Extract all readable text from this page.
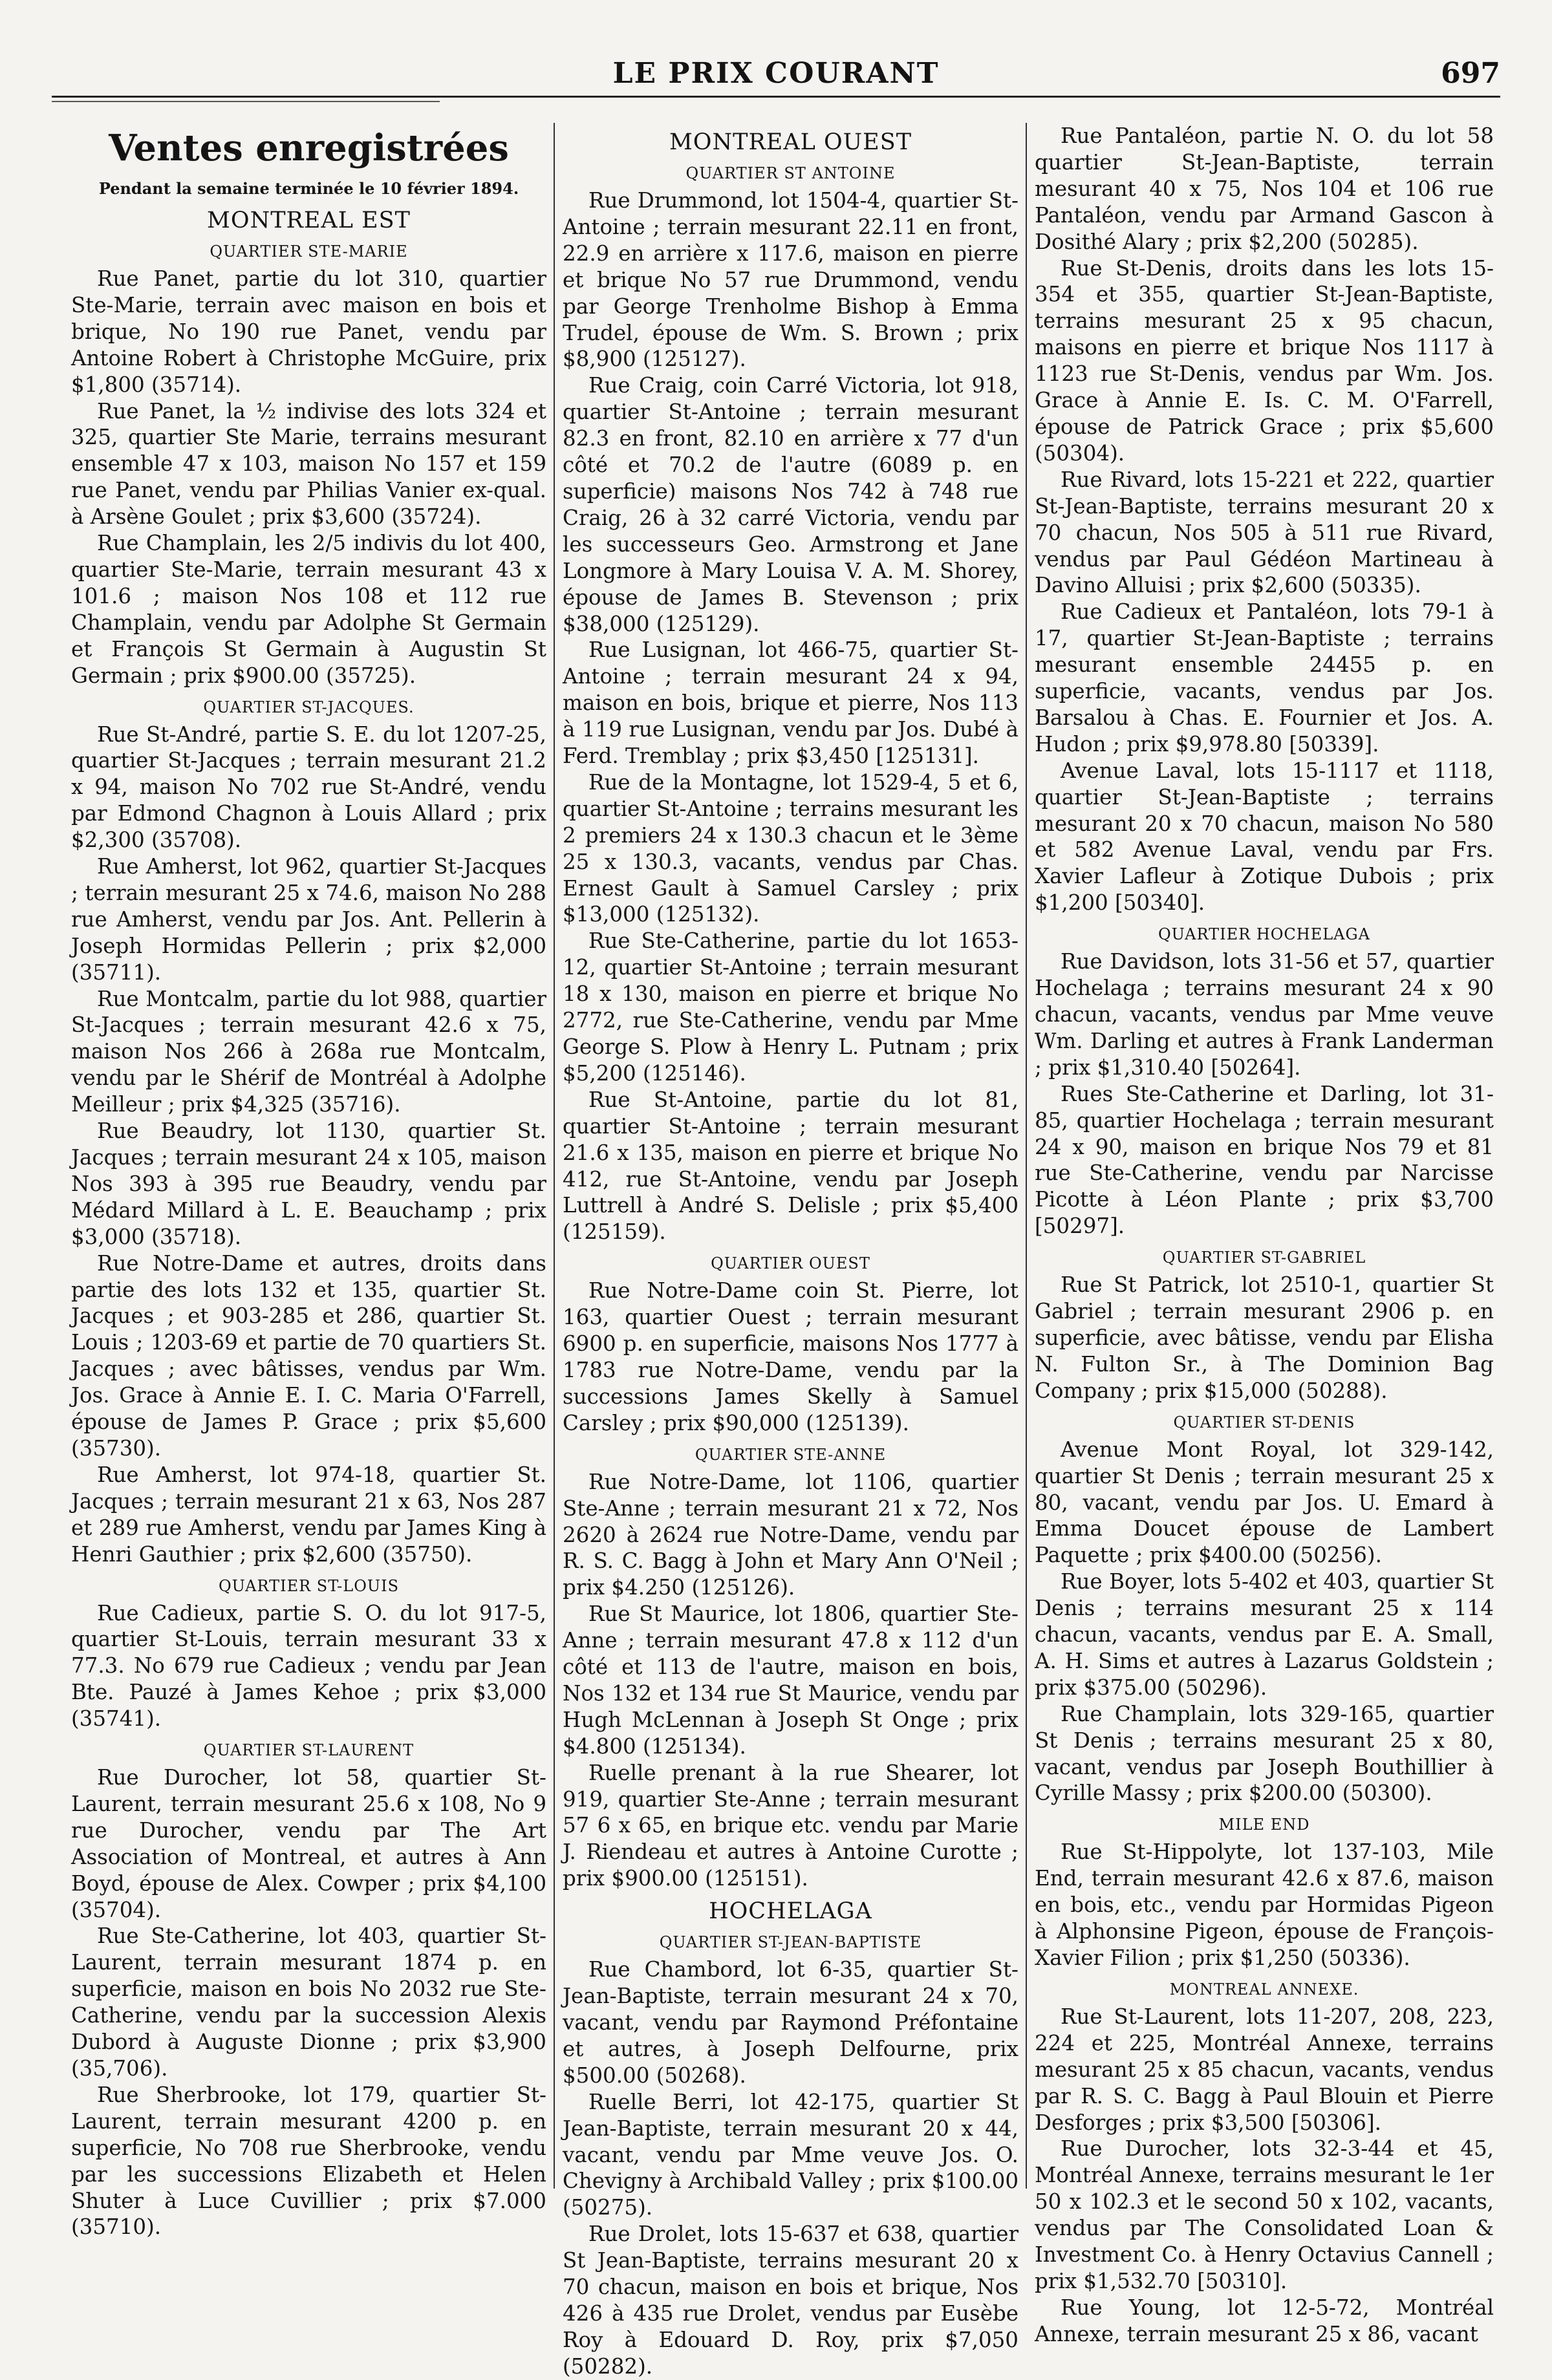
LE PRIX COURANT	697
Ventes enregistrées
Pendant la semaine terminée le 10 février 1894.
MONTREAL EST
QUARTIER STE-MARIE

Rue Panet, partie du lot 310, quartier Ste-Marie, terrain avec maison en bois et brique, No 190 rue Panet, vendu par Antoine Robert à Christophe McGuire, prix $1,800 (35714).

Rue Panet, la ½ indivise des lots 324 et 325, quartier Ste Marie, terrains mesurant ensemble 47 x 103, maison No 157 et 159 rue Panet, vendu par Philias Vanier ex-qual. à Arsène Goulet ; prix $3,600 (35724).

Rue Champlain, les 2/5 indivis du lot 400, quartier Ste-Marie, terrain mesurant 43 x 101.6 ; maison Nos 108 et 112 rue Champlain, vendu par Adolphe St Germain et François St Germain à Augustin St Germain ; prix $900.00 (35725).

QUARTIER ST-JACQUES.

Rue St-André, partie S. E. du lot 1207-25, quartier St-Jacques ; terrain mesurant 21.2 x 94, maison No 702 rue St-André, vendu par Edmond Chagnon à Louis Allard ; prix $2,300 (35708).

Rue Amherst, lot 962, quartier St-Jacques ; terrain mesurant 25 x 74.6, maison No 288 rue Amherst, vendu par Jos. Ant. Pellerin à Joseph Hormidas Pellerin ; prix $2,000 (35711).

Rue Montcalm, partie du lot 988, quartier St-Jacques ; terrain mesurant 42.6 x 75, maison Nos 266 à 268a rue Montcalm, vendu par le Shérif de Montréal à Adolphe Meilleur ; prix $4,325 (35716).

Rue Beaudry, lot 1130, quartier St. Jacques ; terrain mesurant 24 x 105, maison Nos 393 à 395 rue Beaudry, vendu par Médard Millard à L. E. Beauchamp ; prix $3,000 (35718).

Rue Notre-Dame et autres, droits dans partie des lots 132 et 135, quartier St. Jacques ; et 903-285 et 286, quartier St. Louis ; 1203-69 et partie de 70 quartiers St. Jacques ; avec bâtisses, vendus par Wm. Jos. Grace à Annie E. I. C. Maria O'Farrell, épouse de James P. Grace ; prix $5,600 (35730).

Rue Amherst, lot 974-18, quartier St. Jacques ; terrain mesurant 21 x 63, Nos 287 et 289 rue Amherst, vendu par James King à Henri Gauthier ; prix $2,600 (35750).

QUARTIER ST-LOUIS

Rue Cadieux, partie S. O. du lot 917-5, quartier St-Louis, terrain mesurant 33 x 77.3. No 679 rue Cadieux ; vendu par Jean Bte. Pauzé à James Kehoe ; prix $3,000 (35741).

QUARTIER ST-LAURENT

Rue Durocher, lot 58, quartier St-Laurent, terrain mesurant 25.6 x 108, No 9 rue Durocher, vendu par The Art Association of Montreal, et autres à Ann Boyd, épouse de Alex. Cowper ; prix $4,100 (35704).

Rue Ste-Catherine, lot 403, quartier St-Laurent, terrain mesurant 1874 p. en superficie, maison en bois No 2032 rue Ste-Catherine, vendu par la succession Alexis Dubord à Auguste Dionne ; prix $3,900 (35,706).

Rue Sherbrooke, lot 179, quartier St-Laurent, terrain mesurant 4200 p. en superficie, No 708 rue Sherbrooke, vendu par les successions Elizabeth et Helen Shuter à Luce Cuvillier ; prix $7.000 (35710).

MONTREAL OUEST
QUARTIER ST ANTOINE

Rue Drummond, lot 1504-4, quartier St-Antoine ; terrain mesurant 22.11 en front, 22.9 en arrière x 117.6, maison en pierre et brique No 57 rue Drummond, vendu par George Trenholme Bishop à Emma Trudel, épouse de Wm. S. Brown ; prix $8,900 (125127).

Rue Craig, coin Carré Victoria, lot 918, quartier St-Antoine ; terrain mesurant 82.3 en front, 82.10 en arrière x 77 d'un côté et 70.2 de l'autre (6089 p. en superficie) maisons Nos 742 à 748 rue Craig, 26 à 32 carré Victoria, vendu par les successeurs Geo. Armstrong et Jane Longmore à Mary Louisa V. A. M. Shorey, épouse de James B. Stevenson ; prix $38,000 (125129).

Rue Lusignan, lot 466-75, quartier St-Antoine ; terrain mesurant 24 x 94, maison en bois, brique et pierre, Nos 113 à 119 rue Lusignan, vendu par Jos. Dubé à Ferd. Tremblay ; prix $3,450 [125131].

Rue de la Montagne, lot 1529-4, 5 et 6, quartier St-Antoine ; terrains mesurant les 2 premiers 24 x 130.3 chacun et le 3ème 25 x 130.3, vacants, vendus par Chas. Ernest Gault à Samuel Carsley ; prix $13,000 (125132).

Rue Ste-Catherine, partie du lot 1653-12, quartier St-Antoine ; terrain mesurant 18 x 130, maison en pierre et brique No 2772, rue Ste-Catherine, vendu par Mme George S. Plow à Henry L. Putnam ; prix $5,200 (125146).

Rue St-Antoine, partie du lot 81, quartier St-Antoine ; terrain mesurant 21.6 x 135, maison en pierre et brique No 412, rue St-Antoine, vendu par Joseph Luttrell à André S. Delisle ; prix $5,400 (125159).

QUARTIER OUEST

Rue Notre-Dame coin St. Pierre, lot 163, quartier Ouest ; terrain mesurant 6900 p. en superficie, maisons Nos 1777 à 1783 rue Notre-Dame, vendu par la successions James Skelly à Samuel Carsley ; prix $90,000 (125139).

QUARTIER STE-ANNE

Rue Notre-Dame, lot 1106, quartier Ste-Anne ; terrain mesurant 21 x 72, Nos 2620 à 2624 rue Notre-Dame, vendu par R. S. C. Bagg à John et Mary Ann O'Neil ; prix $4.250 (125126).

Rue St Maurice, lot 1806, quartier Ste-Anne ; terrain mesurant 47.8 x 112 d'un côté et 113 de l'autre, maison en bois, Nos 132 et 134 rue St Maurice, vendu par Hugh McLennan à Joseph St Onge ; prix $4.800 (125134).

Ruelle prenant à la rue Shearer, lot 919, quartier Ste-Anne ; terrain mesurant 57 6 x 65, en brique etc. vendu par Marie J. Riendeau et autres à Antoine Curotte ; prix $900.00 (125151).

HOCHELAGA
QUARTIER ST-JEAN-BAPTISTE

Rue Chambord, lot 6-35, quartier St-Jean-Baptiste, terrain mesurant 24 x 70, vacant, vendu par Raymond Préfontaine et autres, à Joseph Delfourne, prix $500.00 (50268).

Ruelle Berri, lot 42-175, quartier St Jean-Baptiste, terrain mesurant 20 x 44, vacant, vendu par Mme veuve Jos. O. Chevigny à Archibald Valley ; prix $100.00 (50275).

Rue Drolet, lots 15-637 et 638, quartier St Jean-Baptiste, terrains mesurant 20 x 70 chacun, maison en bois et brique, Nos 426 à 435 rue Drolet, vendus par Eusèbe Roy à Edouard D. Roy, prix $7,050 (50282).

Rue Pantaléon, partie N. O. du lot 58 quartier St-Jean-Baptiste, terrain mesurant 40 x 75, Nos 104 et 106 rue Pantaléon, vendu par Armand Gascon à Dosithé Alary ; prix $2,200 (50285).

Rue St-Denis, droits dans les lots 15-354 et 355, quartier St-Jean-Baptiste, terrains mesurant 25 x 95 chacun, maisons en pierre et brique Nos 1117 à 1123 rue St-Denis, vendus par Wm. Jos. Grace à Annie E. Is. C. M. O'Farrell, épouse de Patrick Grace ; prix $5,600 (50304).

Rue Rivard, lots 15-221 et 222, quartier St-Jean-Baptiste, terrains mesurant 20 x 70 chacun, Nos 505 à 511 rue Rivard, vendus par Paul Gédéon Martineau à Davino Alluisi ; prix $2,600 (50335).

Rue Cadieux et Pantaléon, lots 79-1 à 17, quartier St-Jean-Baptiste ; terrains mesurant ensemble 24455 p. en superficie, vacants, vendus par Jos. Barsalou à Chas. E. Fournier et Jos. A. Hudon ; prix $9,978.80 [50339].

Avenue Laval, lots 15-1117 et 1118, quartier St-Jean-Baptiste ; terrains mesurant 20 x 70 chacun, maison No 580 et 582 Avenue Laval, vendu par Frs. Xavier Lafleur à Zotique Dubois ; prix $1,200 [50340].

QUARTIER HOCHELAGA

Rue Davidson, lots 31-56 et 57, quartier Hochelaga ; terrains mesurant 24 x 90 chacun, vacants, vendus par Mme veuve Wm. Darling et autres à Frank Landerman ; prix $1,310.40 [50264].

Rues Ste-Catherine et Darling, lot 31-85, quartier Hochelaga ; terrain mesurant 24 x 90, maison en brique Nos 79 et 81 rue Ste-Catherine, vendu par Narcisse Picotte à Léon Plante ; prix $3,700 [50297].

QUARTIER ST-GABRIEL

Rue St Patrick, lot 2510-1, quartier St Gabriel ; terrain mesurant 2906 p. en superficie, avec bâtisse, vendu par Elisha N. Fulton Sr., à The Dominion Bag Company ; prix $15,000 (50288).

QUARTIER ST-DENIS

Avenue Mont Royal, lot 329-142, quartier St Denis ; terrain mesurant 25 x 80, vacant, vendu par Jos. U. Emard à Emma Doucet épouse de Lambert Paquette ; prix $400.00 (50256).

Rue Boyer, lots 5-402 et 403, quartier St Denis ; terrains mesurant 25 x 114 chacun, vacants, vendus par E. A. Small, A. H. Sims et autres à Lazarus Goldstein ; prix $375.00 (50296).

Rue Champlain, lots 329-165, quartier St Denis ; terrains mesurant 25 x 80, vacant, vendus par Joseph Bouthillier à Cyrille Massy ; prix $200.00 (50300).

MILE END

Rue St-Hippolyte, lot 137-103, Mile End, terrain mesurant 42.6 x 87.6, maison en bois, etc., vendu par Hormidas Pigeon à Alphonsine Pigeon, épouse de François-Xavier Filion ; prix $1,250 (50336).

MONTREAL ANNEXE.

Rue St-Laurent, lots 11-207, 208, 223, 224 et 225, Montréal Annexe, terrains mesurant 25 x 85 chacun, vacants, vendus par R. S. C. Bagg à Paul Blouin et Pierre Desforges ; prix $3,500 [50306].

Rue Durocher, lots 32-3-44 et 45, Montréal Annexe, terrains mesurant le 1er 50 x 102.3 et le second 50 x 102, vacants, vendus par The Consolidated Loan & Investment Co. à Henry Octavius Cannell ; prix $1,532.70 [50310].

Rue Young, lot 12-5-72, Montréal Annexe, terrain mesurant 25 x 86, vacant
